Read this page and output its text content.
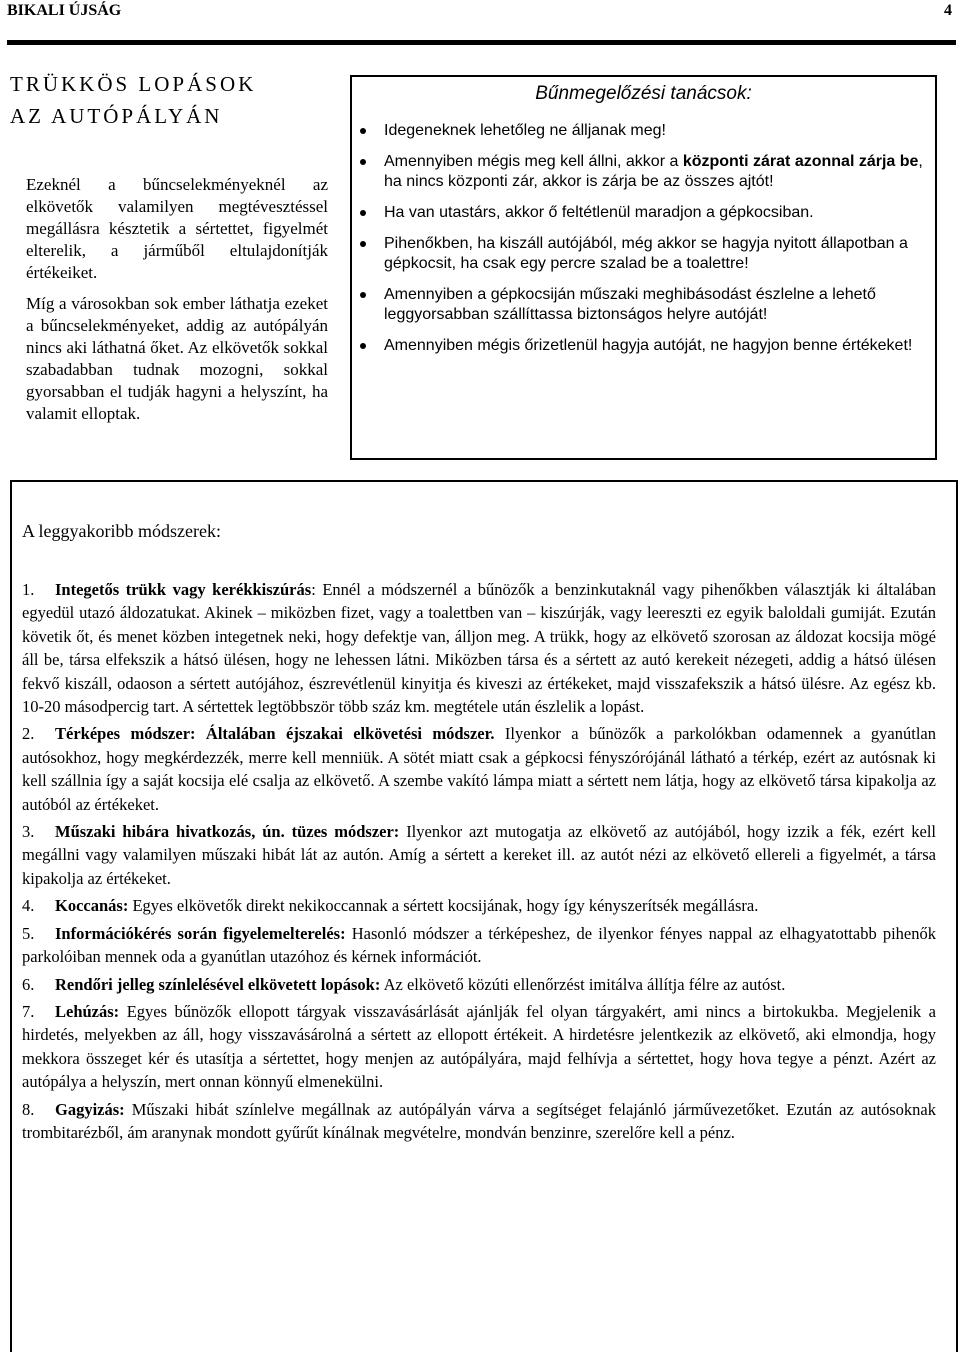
BIKALI ÚJSÁG	4
TRÜKKÖS LOPÁSOK
AZ AUTÓPÁLYÁN

Ezeknél a bűncselekményeknél az elkövetők valamilyen megtévesztéssel megállásra késztetik a sértettet, figyelmét elterelik, a járműből eltulajdonítják értékeiket.

Míg a városokban sok ember láthatja ezeket a bűncselekményeket, addig az autópályán nincs aki láthatná őket. Az elkövetők sokkal szabadabban tudnak mozogni, sokkal gyorsabban el tudják hagyni a helyszínt, ha valamit elloptak.

Bűnmegelőzési tanácsok:
Idegeneknek lehetőleg ne álljanak meg!
Amennyiben mégis meg kell állni, akkor a központi zárat azonnal zárja be, ha nincs központi zár, akkor is zárja be az összes ajtót!
Ha van utastárs, akkor ő feltétlenül maradjon a gépkocsiban.
Pihenőkben, ha kiszáll autójából, még akkor se hagyja nyitott állapotban a gépkocsit, ha csak egy percre szalad be a toalettre!
Amennyiben a gépkocsiján műszaki meghibásodást észlelne a lehető leggyorsabban szállíttassa biztonságos helyre autóját!
Amennyiben mégis őrizetlenül hagyja autóját, ne hagyjon benne értékeket!
A leggyakoribb módszerek:

1. Integetős trükk vagy kerékkiszúrás: Ennél a módszernél a bűnözők a benzinkutaknál vagy pihenőkben választják ki általában egyedül utazó áldozatukat. Akinek – miközben fizet, vagy a toalettben van – kiszúrják, vagy leereszti ez egyik baloldali gumiját. Ezután követik őt, és menet közben integetnek neki, hogy defektje van, álljon meg. A trükk, hogy az elkövető szorosan az áldozat kocsija mögé áll be, társa elfekszik a hátsó ülésen, hogy ne lehessen látni. Miközben társa és a sértett az autó kerekeit nézegeti, addig a hátsó ülésen fekvő kiszáll, odaoson a sértett autójához, észrevétlenül kinyitja és kiveszi az értékeket, majd visszafekszik a hátsó ülésre. Az egész kb. 10-20 másodpercig tart. A sértettek legtöbbször több száz km. megtétele után észlelik a lopást.

2. Térképes módszer: Általában éjszakai elkövetési módszer. Ilyenkor a bűnözők a parkolókban odamennek a gyanútlan autósokhoz, hogy megkérdezzék, merre kell menniük. A sötét miatt csak a gépkocsi fényszórójánál látható a térkép, ezért az autósnak ki kell szállnia így a saját kocsija elé csalja az elkövető. A szembe vakító lámpa miatt a sértett nem látja, hogy az elkövető társa kipakolja az autóból az értékeket.

3. Műszaki hibára hivatkozás, ún. tüzes módszer: Ilyenkor azt mutogatja az elkövető az autójából, hogy izzik a fék, ezért kell megállni vagy valamilyen műszaki hibát lát az autón. Amíg a sértett a kereket ill. az autót nézi az elkövető ellereli a figyelmét, a társa kipakolja az értékeket.

4. Koccanás: Egyes elkövetők direkt nekikoccannak a sértett kocsijának, hogy így kényszerítsék megállásra.

5. Információkérés során figyelemelterelés: Hasonló módszer a térképeshez, de ilyenkor fényes nappal az elhagyatottabb pihenők parkolóiban mennek oda a gyanútlan utazóhoz és kérnek információt.

6. Rendőri jelleg színlelésével elkövetett lopások: Az elkövető közúti ellenőrzést imitálva állítja félre az autóst.

7. Lehúzás: Egyes bűnözők ellopott tárgyak visszavásárlását ajánlják fel olyan tárgyakért, ami nincs a birtokukba. Megjelenik a hirdetés, melyekben az áll, hogy visszavásárolná a sértett az ellopott értékeit. A hirdetésre jelentkezik az elkövető, aki elmondja, hogy mekkora összeget kér és utasítja a sértettet, hogy menjen az autópályára, majd felhívja a sértettet, hogy hova tegye a pénzt. Azért az autópálya a helyszín, mert onnan könnyű elmenekülni.

8. Gagyizás: Műszaki hibát színlelve megállnak az autópályán várva a segítséget felajánló járművezetőket. Ezután az autósoknak trombitarézből, ám aranynak mondott gyűrűt kínálnak megvételre, mondván benzinre, szerelőre kell a pénz.
